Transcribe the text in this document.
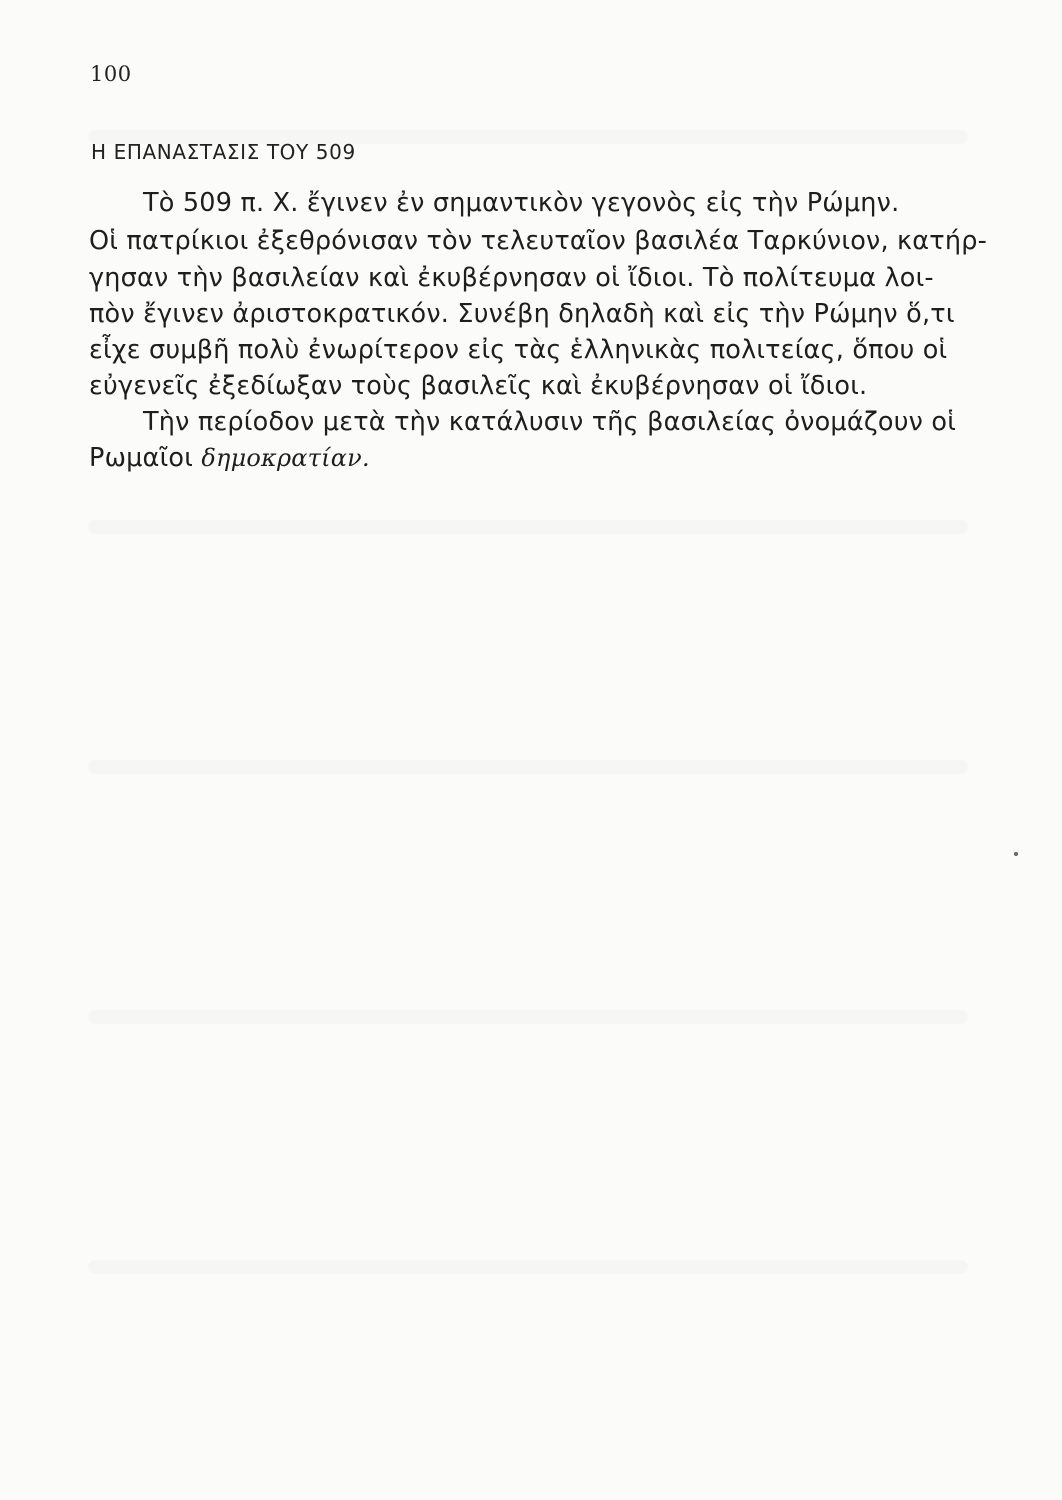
100
Η ΕΠΑΝΑΣΤΑΣΙΣ ΤΟΥ 509
Τὸ 509 π. Χ. ἔγινεν ἐν σημαντικὸν γεγονὸς εἰς τὴν Ρώμην.
Οἱ πατρίκιοι ἐξεθρόνισαν τὸν τελευταῖον βασιλέα Ταρκύνιον, κατήρ-
γησαν τὴν βασιλείαν καὶ ἐκυβέρνησαν οἱ ἴδιοι. Τὸ πολίτευμα λοι-
πὸν ἔγινεν ἀριστοκρατικόν. Συνέβη δηλαδὴ καὶ εἰς τὴν Ρώμην ὅ,τι
εἶχε συμβῆ πολὺ ἐνωρίτερον εἰς τὰς ἑλληνικὰς πολιτείας, ὅπου οἱ
εὐγενεῖς ἐξεδίωξαν τοὺς βασιλεῖς καὶ ἐκυβέρνησαν οἱ ἴδιοι.
Τὴν περίοδον μετὰ τὴν κατάλυσιν τῆς βασιλείας ὀνομάζουν οἱ
Ρωμαῖοι δημοκρατίαν.
